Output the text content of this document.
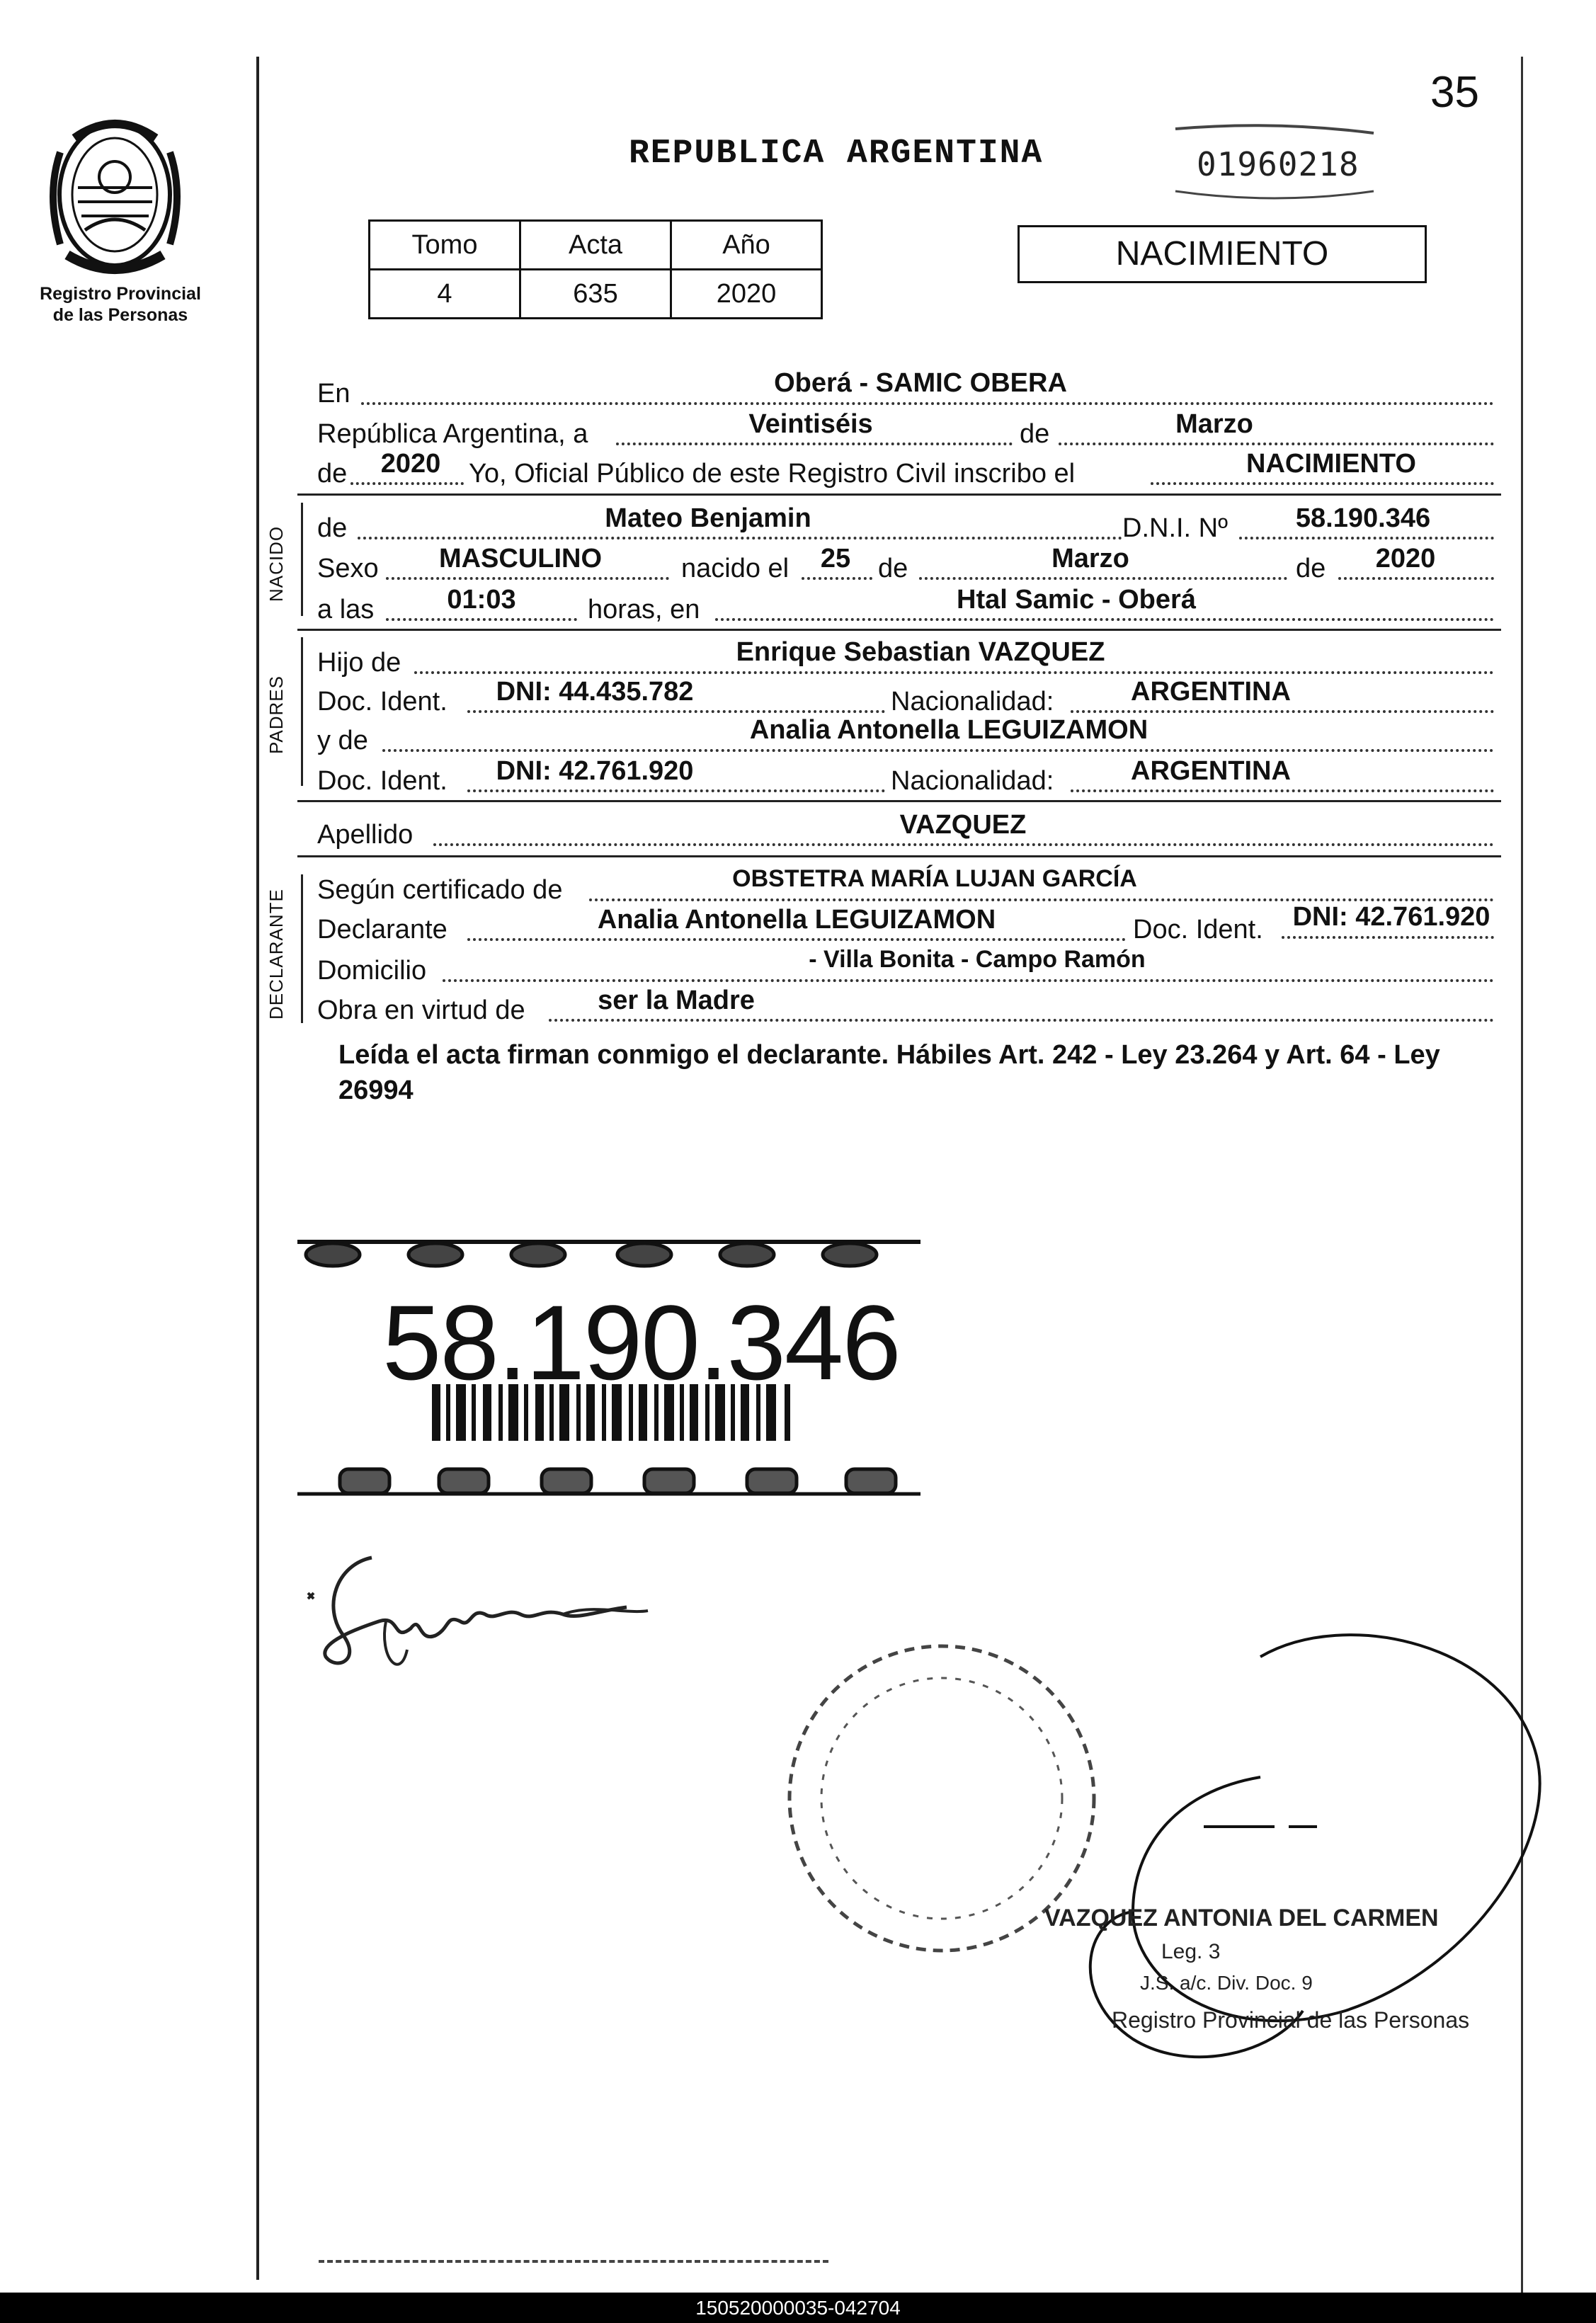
Registro Provincial de las Personas
REPUBLICA ARGENTINA	01960218
35
Tomo	Acta	Año
4	635	2020
NACIMIENTO
En	Oberá - SAMIC OBERA
República Argentina, a	Veintiséis	de	Marzo
de	2020	Yo, Oficial Público de este Registro Civil inscribo el	NACIMIENTO
NACIDO de	Mateo Benjamin	D.N.I. Nº	58.190.346
Sexo	MASCULINO	nacido el	25	de	Marzo	de	2020
a las	01:03	horas, en	Htal Samic - Oberá
PADRES
Hijo de	Enrique Sebastian VAZQUEZ
Doc. Ident.	DNI: 44.435.782	Nacionalidad:	ARGENTINA
y de	Analia Antonella LEGUIZAMON
Doc. Ident.	DNI: 42.761.920	Nacionalidad:	ARGENTINA
Apellido	VAZQUEZ
DECLARANTE Según certificado de	OBSTETRA MARÍA LUJAN GARCÍA
Declarante	Analia Antonella LEGUIZAMON	Doc. Ident.	DNI: 42.761.920
Domicilio	- Villa Bonita - Campo Ramón
Obra en virtud de	ser la Madre
Leída el acta firman conmigo el declarante. Hábiles Art. 242 - Ley 23.264 y Art. 64 - Ley 26994
58.190.346
VAZQUEZ ANTONIA DEL CARMEN
Leg. 3
J.S. a/c. Div. Doc. 9
Registro Provincial de las Personas
150520000035-042704
